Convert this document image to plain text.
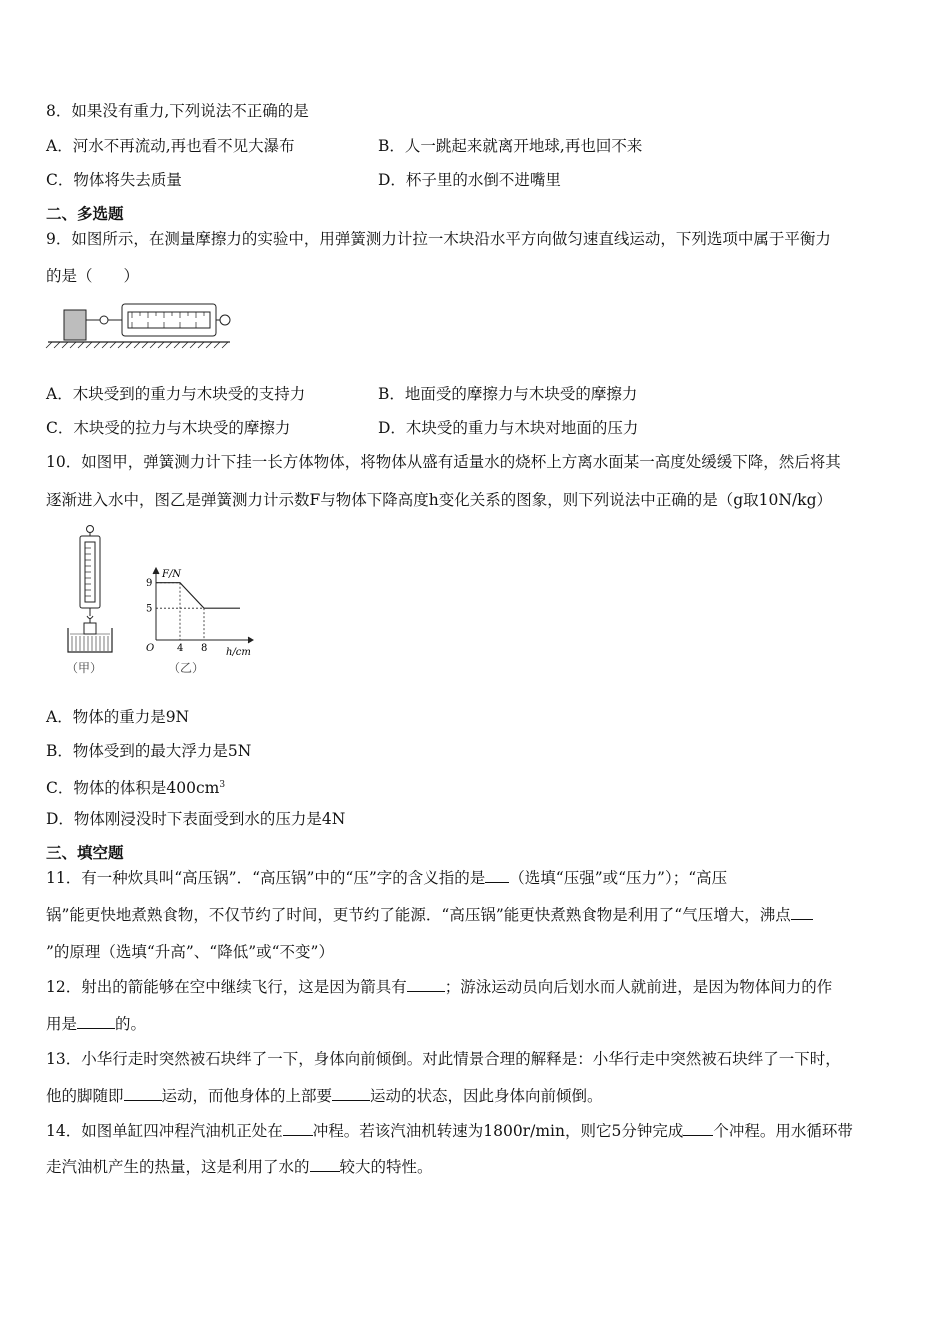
8．如果没有重力,下列说法不正确的是
A．河水不再流动,再也看不见大瀑布	B．人一跳起来就离开地球,再也回不来
C．物体将失去质量	D．杯子里的水倒不进嘴里
二、多选题
9．如图所示，在测量摩擦力的实验中，用弹簧测力计拉一木块沿水平方向做匀速直线运动，下列选项中属于平衡力
的是（　　）
A．木块受到的重力与木块受的支持力	B．地面受的摩擦力与木块受的摩擦力
C．木块受的拉力与木块受的摩擦力	D．木块受的重力与木块对地面的压力
10．如图甲，弹簧测力计下挂一长方体物体，将物体从盛有适量水的烧杯上方离水面某一高度处缓缓下降，然后将其
逐渐进入水中，图乙是弹簧测力计示数F与物体下降高度h变化关系的图象，则下列说法中正确的是（g取10N/kg）
（甲）
9
5
4 8
F/N
h/cm
O
（乙）
A．物体的重力是9N
B．物体受到的最大浮力是5N
C．物体的体积是$400cm^3$
D．物体刚浸没时下表面受到水的压力是4N
三、填空题
11．有一种炊具叫“高压锅”．“高压锅”中的“压”字的含义指的是 （选填“压强”或“压力”）；“高压
锅”能更快地煮熟食物，不仅节约了时间，更节约了能源．“高压锅”能更快煮熟食物是利用了“气压增大，沸点
”的原理（选填“升高”、“降低”或“不变”）
12．射出的箭能够在空中继续飞行，这是因为箭具有 ；游泳运动员向后划水而人就前进，是因为物体间力的作
用是 的。
13．小华行走时突然被石块绊了一下，身体向前倾倒。对此情景合理的解释是：小华行走中突然被石块绊了一下时，
他的脚随即 运动，而他身体的上部要 运动的状态，因此身体向前倾倒。
14．如图单缸四冲程汽油机正处在 冲程。若该汽油机转速为1800r/min，则它5分钟完成 个冲程。用水循环带
走汽油机产生的热量，这是利用了水的 较大的特性。
